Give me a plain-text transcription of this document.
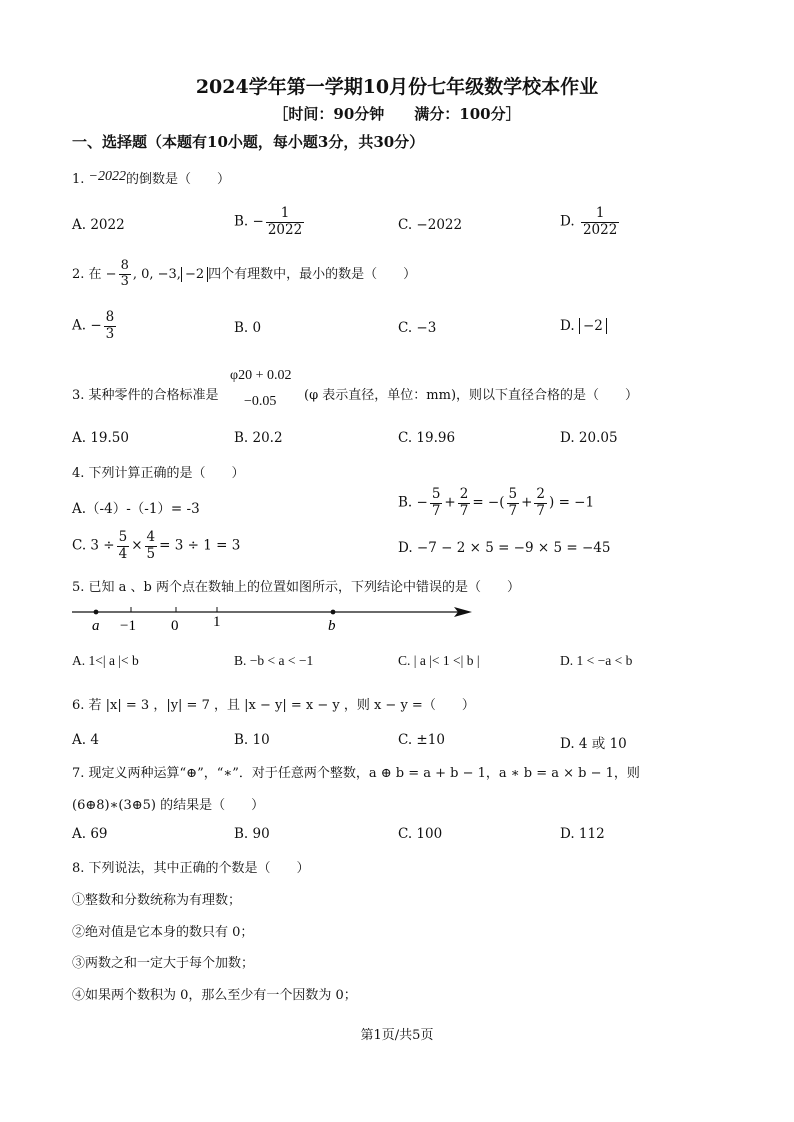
2024学年第一学期10月份七年级数学校本作业
［时间：90分钟　　满分：100分］
一、选择题（本题有10小题，每小题3分，共30分）
1. −2022的倒数是（　　）
A. 2022	B. − $\frac{1}{2022}$	C. −2022	D. $\frac{1}{2022}$
2. 在 − $\frac{8}{3}$ , 0, −3, −2 四个有理数中，最小的数是（　　）
A. − $\frac{8}{3}$	B. 0	C. −3	D. −2
3. 某种零件的合格标准是
φ20 + 0.02
−0.05 (φ 表示直径，单位：mm)，则以下直径合格的是（　　）
A. 19.50	B. 20.2	C. 19.96	D. 20.05
4. 下列计算正确的是（　　）
A.（-4）-（-1）= -3	B. − $\frac{5}{7} + \frac{2}{7}$ = −( $\frac{5}{7} + \frac{2}{7}$ ) = −1
C. $3 \div \frac{5}{4} \times \frac{4}{5} = 3 \div 1 = 3$	D. −7 − 2 × 5 = −9 × 5 = −45
5. 已知 a 、b 两个点在数轴上的位置如图所示，下列结论中错误的是（　　）
a −1 0 1	b
A. 1<| a |< b	B. −b < a < −1	C. | a |< 1 <| b |	D. 1 < −a < b
6. 若 |x| = 3 ，|y| = 7 ，且 |x − y| = x − y ，则 x − y =（　　）
A. 4	B. 10	C. ±10	D. 4 或 10
7. 现定义两种运算“⊕”，“∗”．对于任意两个整数，a ⊕ b = a + b − 1，a ∗ b = a × b − 1，则
(6⊕8)∗(3⊕5) 的结果是（　　）
A. 69	B. 90	C. 100	D. 112
8. 下列说法，其中正确的个数是（　　）
①整数和分数统称为有理数；
②绝对值是它本身的数只有 0；
③两数之和一定大于每个加数；
④如果两个数积为 0，那么至少有一个因数为 0；
第1页/共5页
